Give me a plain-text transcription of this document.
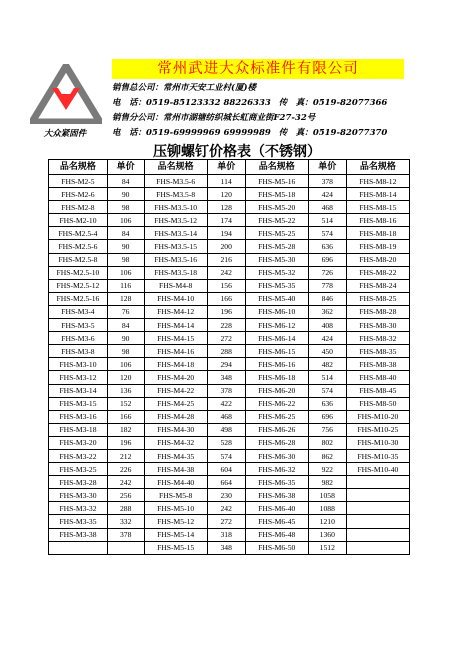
大众紧固件
常州武进大众标准件有限公司
销售总公司：常州市天安工业村(厦)楼
电　话：0519-85123332 88226333 传　真：0519-82077366
销售分公司：常州市湖塘纺织城长虹商业街F27-32号
电　话：0519-69999969 69999989 传　真：0519-82077370
压铆螺钉价格表（不锈钢）
品名规格	单价	品名规格	单价	品名规格	单价	品名规格
FHS-M2-5	84	FHS-M3.5-6	114	FHS-M5-16	378	FHS-M8-12
FHS-M2-6	90	FHS-M3.5-8	120	FHS-M5-18	424	FHS-M8-14
FHS-M2-8	98	FHS-M3.5-10	128	FHS-M5-20	468	FHS-M8-15
FHS-M2-10	106	FHS-M3.5-12	174	FHS-M5-22	514	FHS-M8-16
FHS-M2.5-4	84	FHS-M3.5-14	194	FHS-M5-25	574	FHS-M8-18
FHS-M2.5-6	90	FHS-M3.5-15	200	FHS-M5-28	636	FHS-M8-19
FHS-M2.5-8	98	FHS-M3.5-16	216	FHS-M5-30	696	FHS-M8-20
FHS-M2.5-10	106	FHS-M3.5-18	242	FHS-M5-32	726	FHS-M8-22
FHS-M2.5-12	116	FHS-M4-8	156	FHS-M5-35	778	FHS-M8-24
FHS-M2.5-16	128	FHS-M4-10	166	FHS-M5-40	846	FHS-M8-25
FHS-M3-4	76	FHS-M4-12	196	FHS-M6-10	362	FHS-M8-28
FHS-M3-5	84	FHS-M4-14	228	FHS-M6-12	408	FHS-M8-30
FHS-M3-6	90	FHS-M4-15	272	FHS-M6-14	424	FHS-M8-32
FHS-M3-8	98	FHS-M4-16	288	FHS-M6-15	450	FHS-M8-35
FHS-M3-10	106	FHS-M4-18	294	FHS-M6-16	482	FHS-M8-38
FHS-M3-12	120	FHS-M4-20	348	FHS-M6-18	514	FHS-M8-40
FHS-M3-14	136	FHS-M4-22	378	FHS-M6-20	574	FHS-M8-45
FHS-M3-15	152	FHS-M4-25	422	FHS-M6-22	636	FHS-M8-50
FHS-M3-16	166	FHS-M4-28	468	FHS-M6-25	696	FHS-M10-20
FHS-M3-18	182	FHS-M4-30	498	FHS-M6-26	756	FHS-M10-25
FHS-M3-20	196	FHS-M4-32	528	FHS-M6-28	802	FHS-M10-30
FHS-M3-22	212	FHS-M4-35	574	FHS-M6-30	862	FHS-M10-35
FHS-M3-25	226	FHS-M4-38	604	FHS-M6-32	922	FHS-M10-40
FHS-M3-28	242	FHS-M4-40	664	FHS-M6-35	982	
FHS-M3-30	256	FHS-M5-8	230	FHS-M6-38	1058	
FHS-M3-32	288	FHS-M5-10	242	FHS-M6-40	1088	
FHS-M3-35	332	FHS-M5-12	272	FHS-M6-45	1210	
FHS-M3-38	378	FHS-M5-14	318	FHS-M6-48	1360	
		FHS-M5-15	348	FHS-M6-50	1512	
